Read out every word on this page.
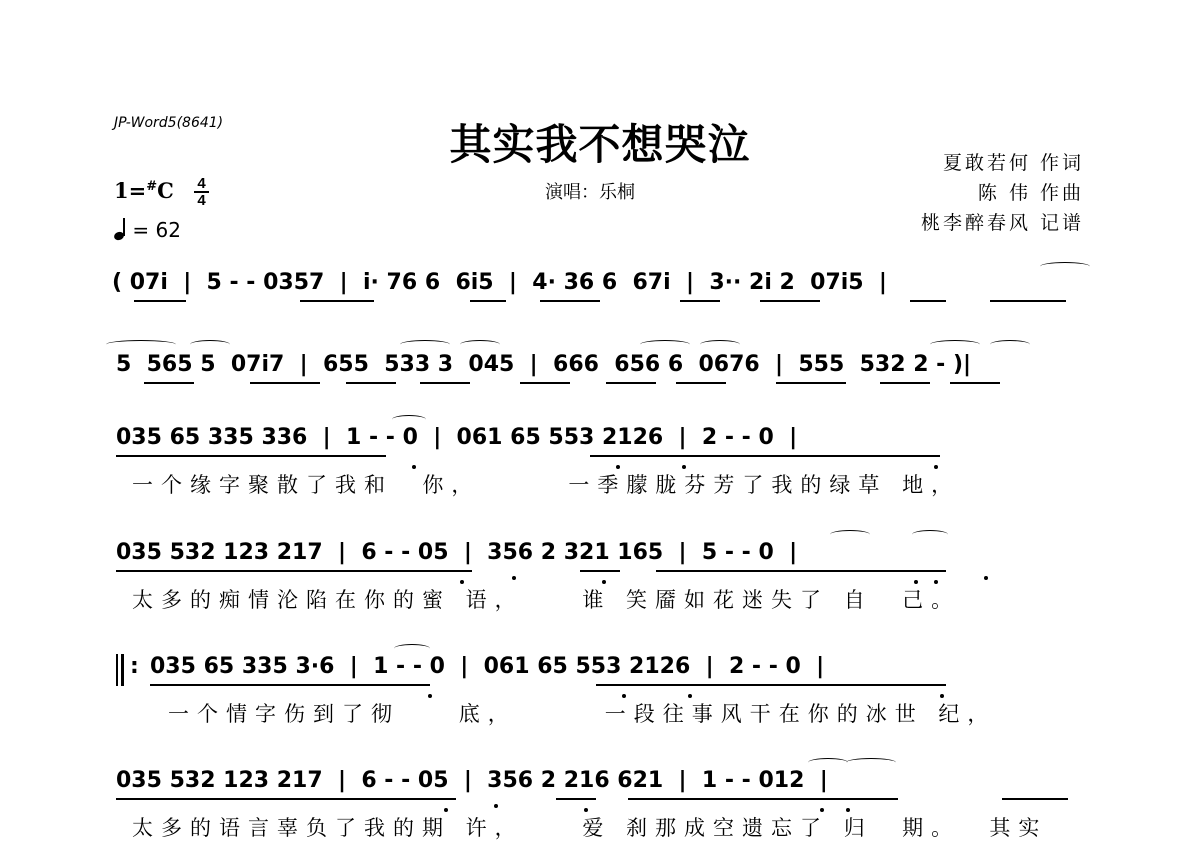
JP-Word5(8641)	其实我不想哭泣
演唱：乐桐
夏敢若何 作词
陈 伟 作曲
桃李醉春风 记谱
1=#C 4
4
= 62
( 07i  |  5 - - 0357  |  i· 76 6  6i5  |  4· 36 6  67i  |  3·· 2i 2  07i5  |
5  565 5  07i7  |  655  533 3  045  |  666  656 6  0676  |  555  532 2 - )|
035 65 335 336  |  1 - - 0  |  061 65 553 2126  |  2 - - 0  |
一个缘字聚散了我和  你，      一季朦胧芬芳了我的绿草 地，
035 532 123 217  |  6 - - 05  |  356 2 321 165  |  5 - - 0  |
太多的痴情沦陷在你的蜜 语，    谁 笑靥如花迷失了 自  己。
: 035 65 335 3·6  |  1 - - 0  |  061 65 553 2126  |  2 - - 0  |
一个情字伤到了彻    底，      一段往事风干在你的冰世 纪，
035 532 123 217  |  6 - - 05  |  356 2 216 621  |  1 - - 012  |
太多的语言辜负了我的期 许，    爱 刹那成空遗忘了 归  期。  其实
